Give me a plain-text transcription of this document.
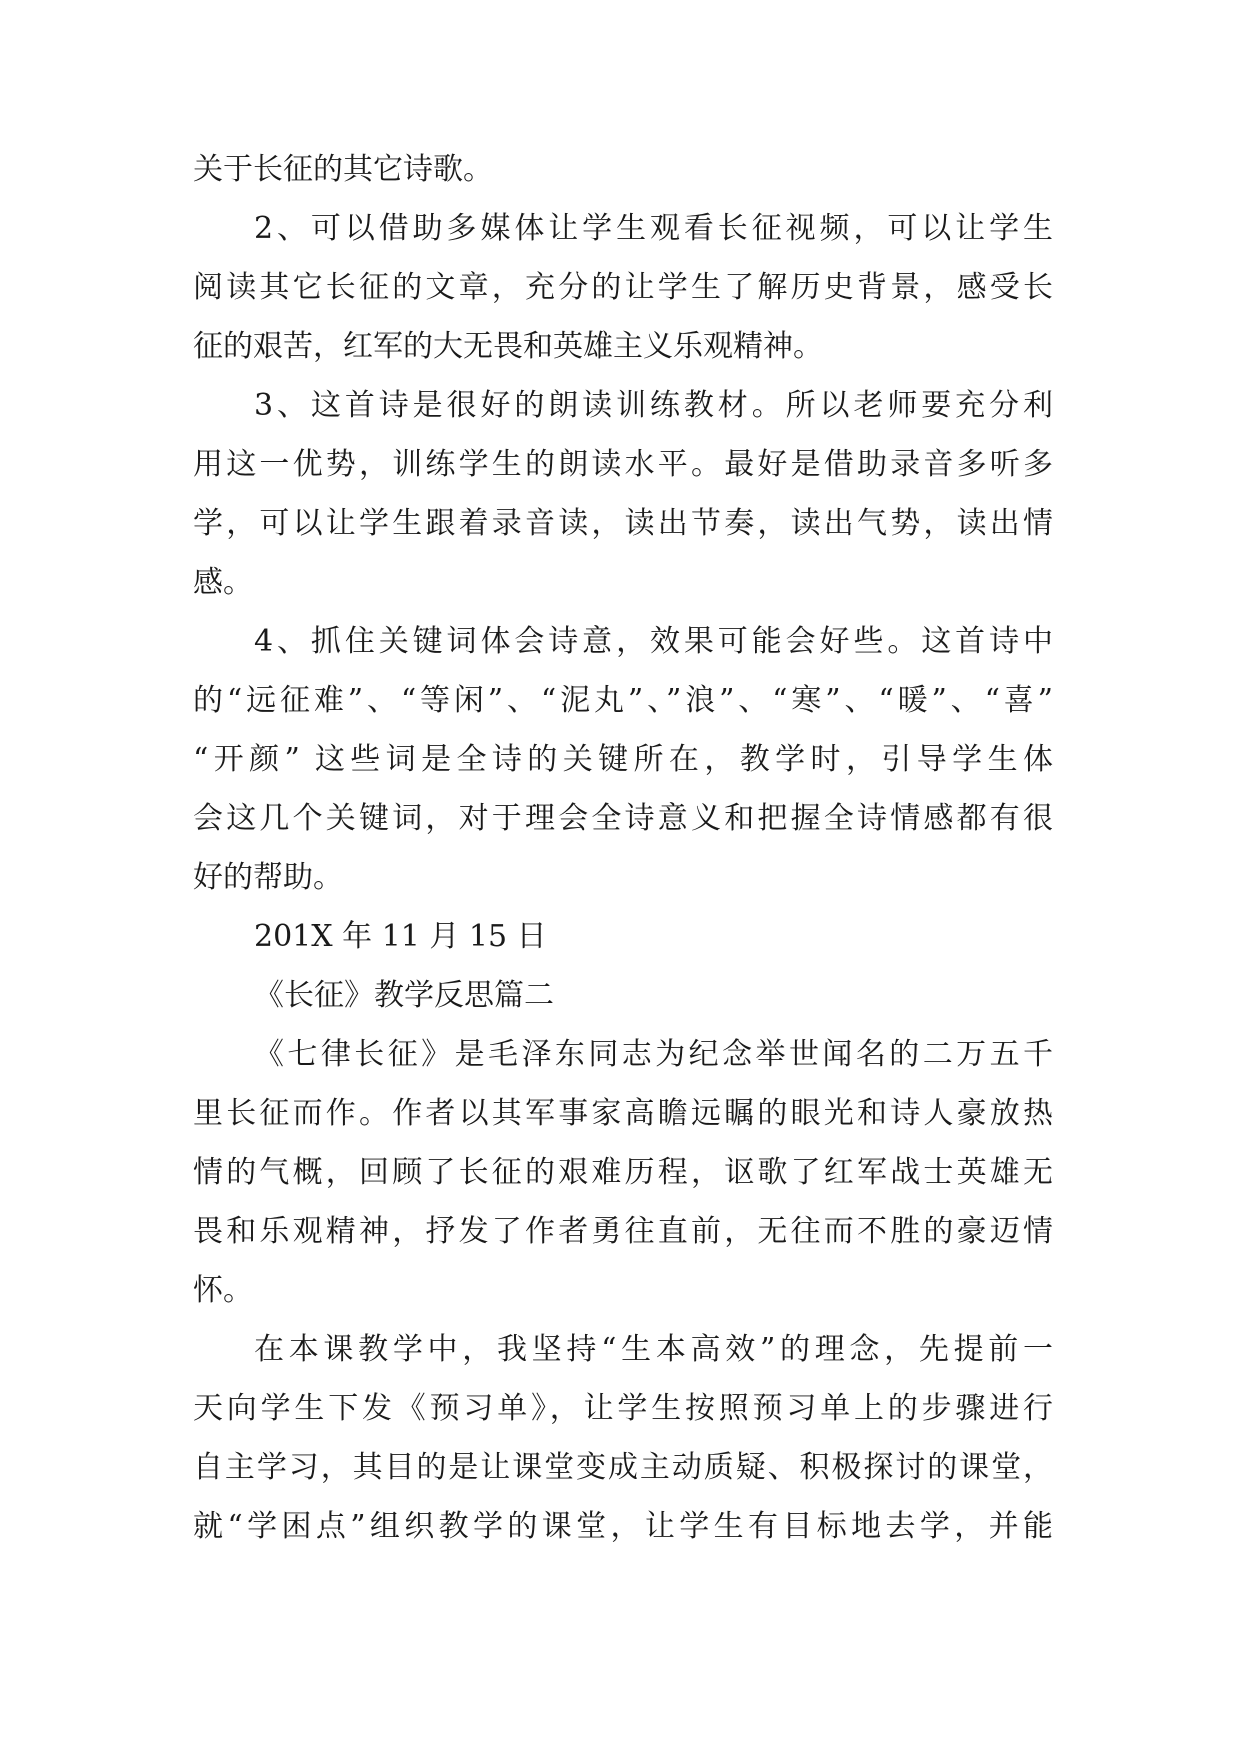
关于长征的其它诗歌。
2、可以借助多媒体让学生观看长征视频，可以让学生
阅读其它长征的文章，充分的让学生了解历史背景，感受长
征的艰苦，红军的大无畏和英雄主义乐观精神。
3、这首诗是很好的朗读训练教材。所以老师要充分利
用这一优势，训练学生的朗读水平。最好是借助录音多听多
学，可以让学生跟着录音读，读出节奏，读出气势，读出情
感。
4、抓住关键词体会诗意，效果可能会好些。这首诗中
的“远征难”、“等闲”、“泥丸”、”浪”、“寒”、“暖”、“喜”
“开颜” 这些词是全诗的关键所在，教学时，引导学生体
会这几个关键词，对于理会全诗意义和把握全诗情感都有很
好的帮助。
201X 年 11 月 15 日
《长征》教学反思篇二
《七律长征》是毛泽东同志为纪念举世闻名的二万五千
里长征而作。作者以其军事家高瞻远瞩的眼光和诗人豪放热
情的气概，回顾了长征的艰难历程，讴歌了红军战士英雄无
畏和乐观精神，抒发了作者勇往直前，无往而不胜的豪迈情
怀。
在本课教学中，我坚持“生本高效”的理念，先提前一
天向学生下发《预习单》，让学生按照预习单上的步骤进行
自主学习，其目的是让课堂变成主动质疑、积极探讨的课堂，
就“学困点”组织教学的课堂，让学生有目标地去学，并能
